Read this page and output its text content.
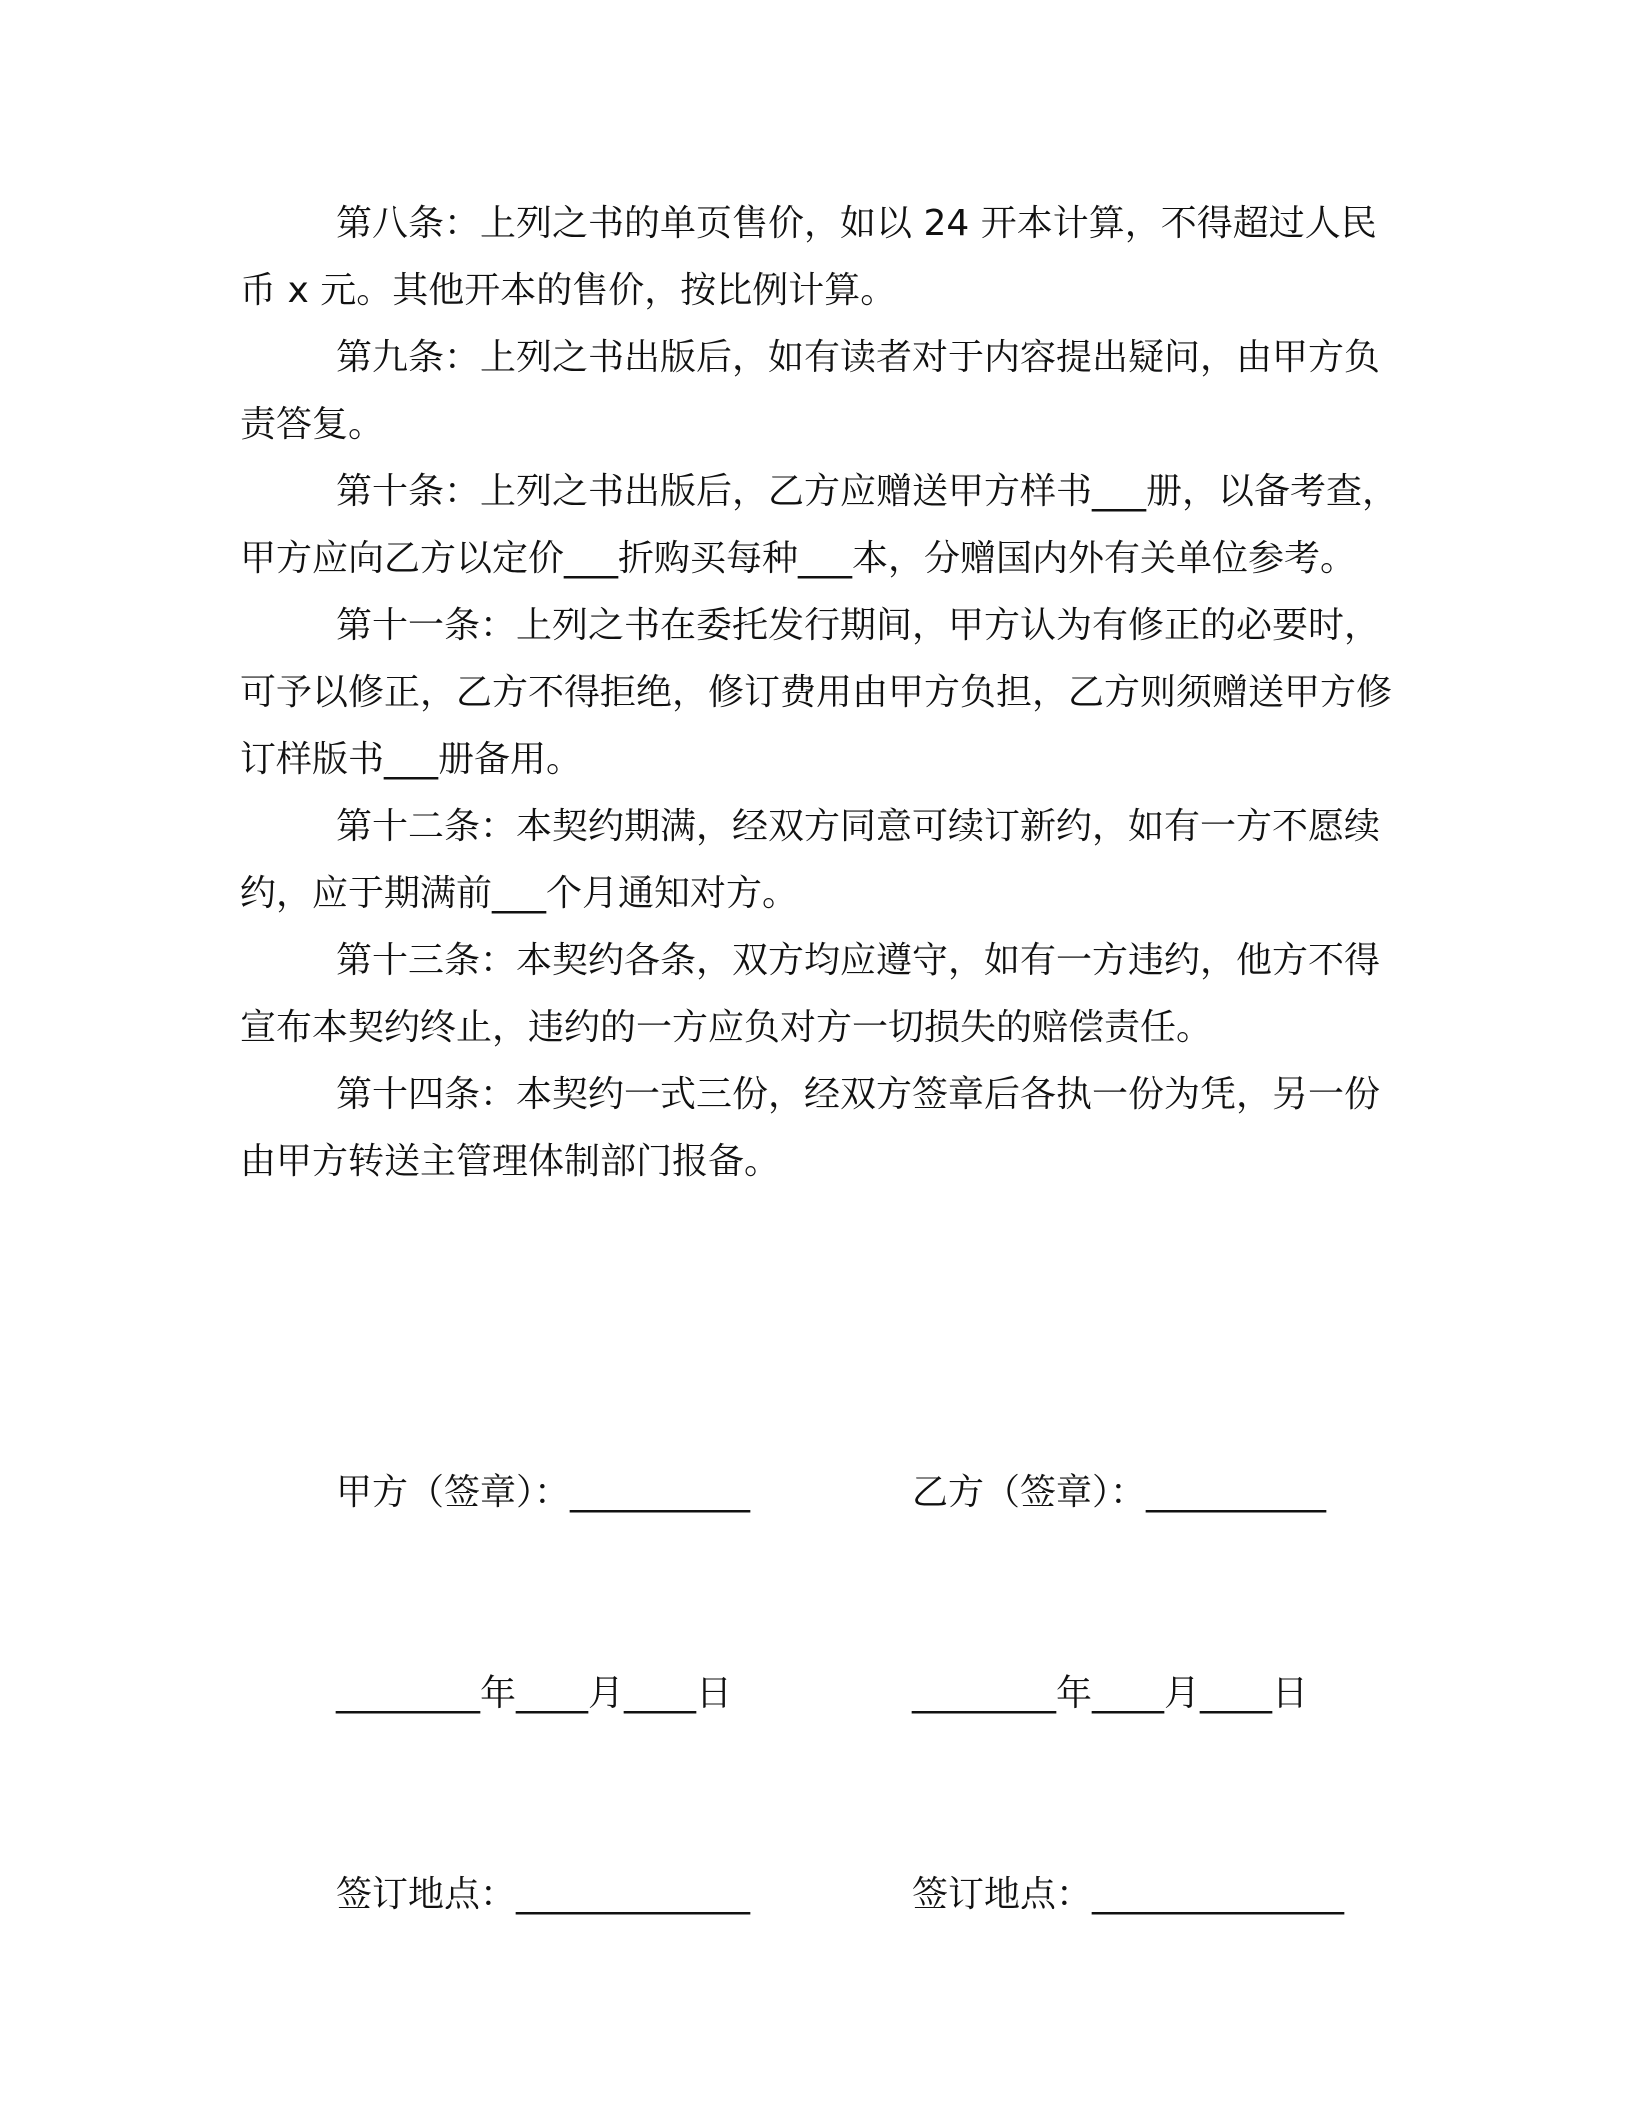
第八条：上列之书的单页售价，如以 24 开本计算，不得超过人民币 x 元。其他开本的售价，按比例计算。

第九条：上列之书出版后，如有读者对于内容提出疑问，由甲方负责答复。

第十条：上列之书出版后，乙方应赠送甲方样书___册，以备考查，甲方应向乙方以定价___折购买每种___本，分赠国内外有关单位参考。

第十一条：上列之书在委托发行期间，甲方认为有修正的必要时，可予以修正，乙方不得拒绝，修订费用由甲方负担，乙方则须赠送甲方修订样版书___册备用。

第十二条：本契约期满，经双方同意可续订新约，如有一方不愿续约，应于期满前___个月通知对方。

第十三条：本契约各条，双方均应遵守，如有一方违约，他方不得宣布本契约终止，违约的一方应负对方一切损失的赔偿责任。

第十四条：本契约一式三份，经双方签章后各执一份为凭，另一份由甲方转送主管理体制部门报备。

甲方（签章）：__________

________年____月____日

签订地点：_____________

乙方（签章）：__________

________年____月____日

签订地点：______________
